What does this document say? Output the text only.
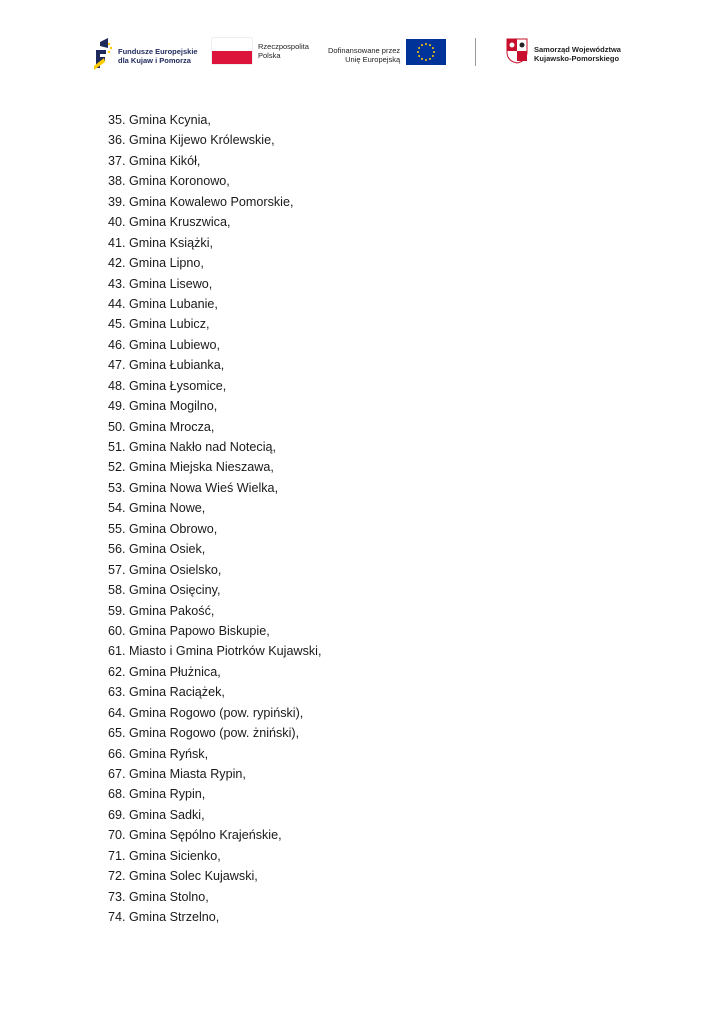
Fundusze Europejskie
dla Kujaw i Pomorza
Rzeczpospolita
Polska
Dofinansowane przez
Unię Europejską
Samorząd Województwa
Kujawsko-Pomorskiego
35. Gmina Kcynia,
36. Gmina Kijewo Królewskie,
37. Gmina Kikół,
38. Gmina Koronowo,
39. Gmina Kowalewo Pomorskie,
40. Gmina Kruszwica,
41. Gmina Książki,
42. Gmina Lipno,
43. Gmina Lisewo,
44. Gmina Lubanie,
45. Gmina Lubicz,
46. Gmina Lubiewo,
47. Gmina Łubianka,
48. Gmina Łysomice,
49. Gmina Mogilno,
50. Gmina Mrocza,
51. Gmina Nakło nad Notecią,
52. Gmina Miejska Nieszawa,
53. Gmina Nowa Wieś Wielka,
54. Gmina Nowe,
55. Gmina Obrowo,
56. Gmina Osiek,
57. Gmina Osielsko,
58. Gmina Osięciny,
59. Gmina Pakość,
60. Gmina Papowo Biskupie,
61. Miasto i Gmina Piotrków Kujawski,
62. Gmina Płużnica,
63. Gmina Raciążek,
64. Gmina Rogowo (pow. rypiński),
65. Gmina Rogowo (pow. żniński),
66. Gmina Ryńsk,
67. Gmina Miasta Rypin,
68. Gmina Rypin,
69. Gmina Sadki,
70. Gmina Sępólno Krajeńskie,
71. Gmina Sicienko,
72. Gmina Solec Kujawski,
73. Gmina Stolno,
74. Gmina Strzelno,
